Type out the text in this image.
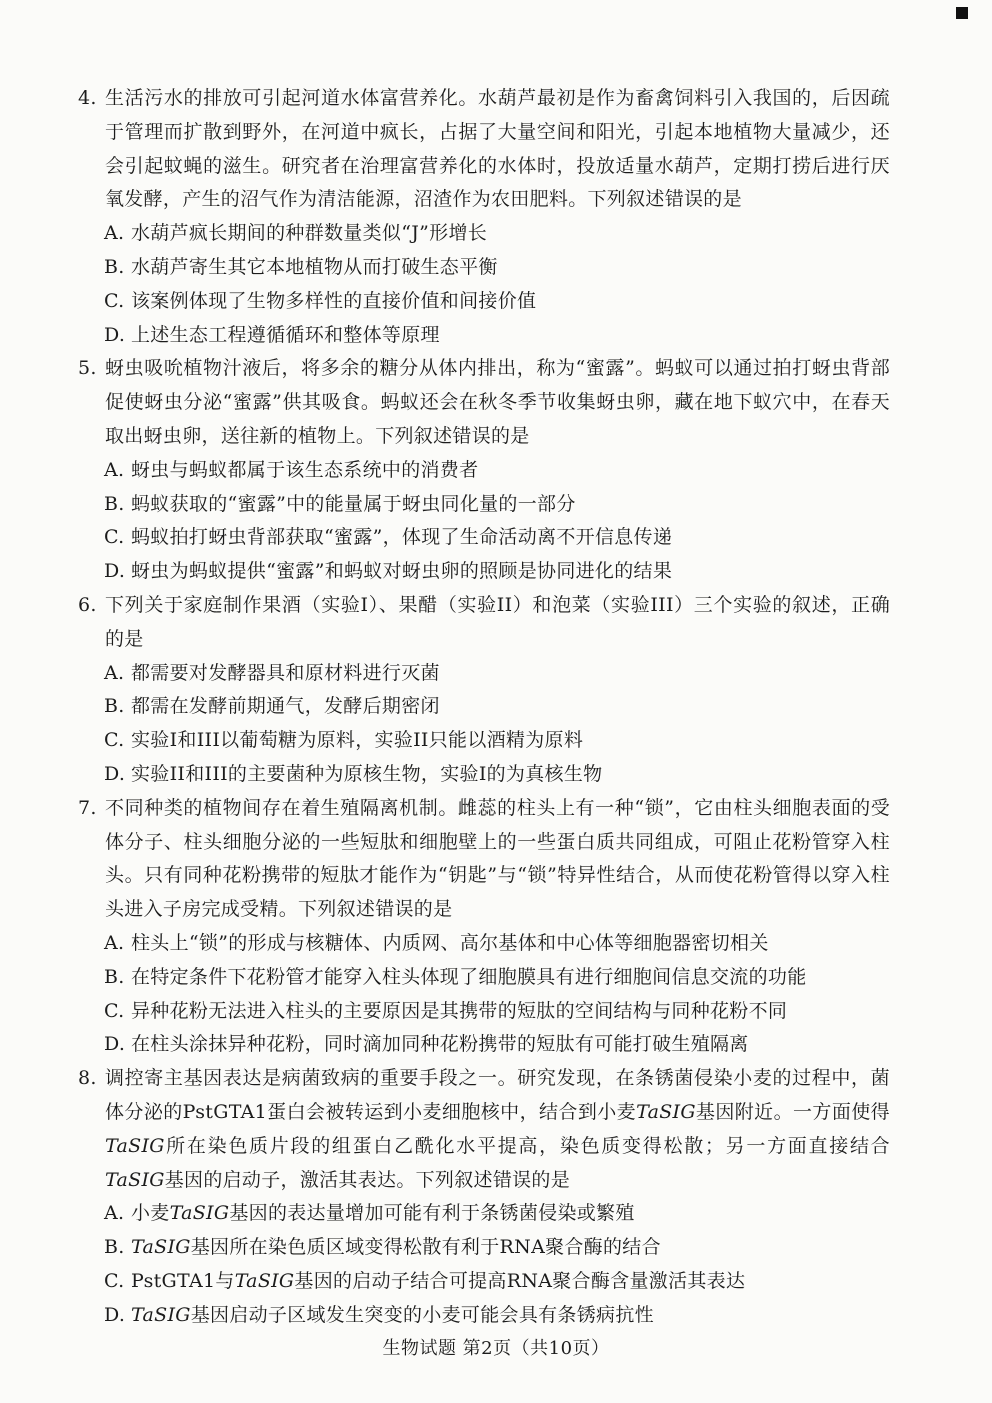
4. 生活污水的排放可引起河道水体富营养化。水葫芦最初是作为畜禽饲料引入我国的，后因疏于管理而扩散到野外，在河道中疯长，占据了大量空间和阳光，引起本地植物大量减少，还会引起蚊蝇的滋生。研究者在治理富营养化的水体时，投放适量水葫芦，定期打捞后进行厌氧发酵，产生的沼气作为清洁能源，沼渣作为农田肥料。下列叙述错误的是
A. 水葫芦疯长期间的种群数量类似“J”形增长
B. 水葫芦寄生其它本地植物从而打破生态平衡
C. 该案例体现了生物多样性的直接价值和间接价值
D. 上述生态工程遵循循环和整体等原理
5. 蚜虫吸吮植物汁液后，将多余的糖分从体内排出，称为“蜜露”。蚂蚁可以通过拍打蚜虫背部促使蚜虫分泌“蜜露”供其吸食。蚂蚁还会在秋冬季节收集蚜虫卵，藏在地下蚁穴中，在春天取出蚜虫卵，送往新的植物上。下列叙述错误的是
A. 蚜虫与蚂蚁都属于该生态系统中的消费者
B. 蚂蚁获取的“蜜露”中的能量属于蚜虫同化量的一部分
C. 蚂蚁拍打蚜虫背部获取“蜜露”，体现了生命活动离不开信息传递
D. 蚜虫为蚂蚁提供“蜜露”和蚂蚁对蚜虫卵的照顾是协同进化的结果
6. 下列关于家庭制作果酒（实验I）、果醋（实验II）和泡菜（实验III）三个实验的叙述，正确的是
A. 都需要对发酵器具和原材料进行灭菌
B. 都需在发酵前期通气，发酵后期密闭
C. 实验I和III以葡萄糖为原料，实验II只能以酒精为原料
D. 实验II和III的主要菌种为原核生物，实验I的为真核生物
7. 不同种类的植物间存在着生殖隔离机制。雌蕊的柱头上有一种“锁”，它由柱头细胞表面的受体分子、柱头细胞分泌的一些短肽和细胞壁上的一些蛋白质共同组成，可阻止花粉管穿入柱头。只有同种花粉携带的短肽才能作为“钥匙”与“锁”特异性结合，从而使花粉管得以穿入柱头进入子房完成受精。下列叙述错误的是
A. 柱头上“锁”的形成与核糖体、内质网、高尔基体和中心体等细胞器密切相关
B. 在特定条件下花粉管才能穿入柱头体现了细胞膜具有进行细胞间信息交流的功能
C. 异种花粉无法进入柱头的主要原因是其携带的短肽的空间结构与同种花粉不同
D. 在柱头涂抹异种花粉，同时滴加同种花粉携带的短肽有可能打破生殖隔离
8. 调控寄主基因表达是病菌致病的重要手段之一。研究发现，在条锈菌侵染小麦的过程中，菌体分泌的PstGTA1蛋白会被转运到小麦细胞核中，结合到小麦TaSIG基因附近。一方面使得TaSIG所在染色质片段的组蛋白乙酰化水平提高，染色质变得松散；另一方面直接结合TaSIG基因的启动子，激活其表达。下列叙述错误的是
A. 小麦TaSIG基因的表达量增加可能有利于条锈菌侵染或繁殖
B. TaSIG基因所在染色质区域变得松散有利于RNA聚合酶的结合
C. PstGTA1与TaSIG基因的启动子结合可提高RNA聚合酶含量激活其表达
D. TaSIG基因启动子区域发生突变的小麦可能会具有条锈病抗性
生物试题 第2页（共10页）
